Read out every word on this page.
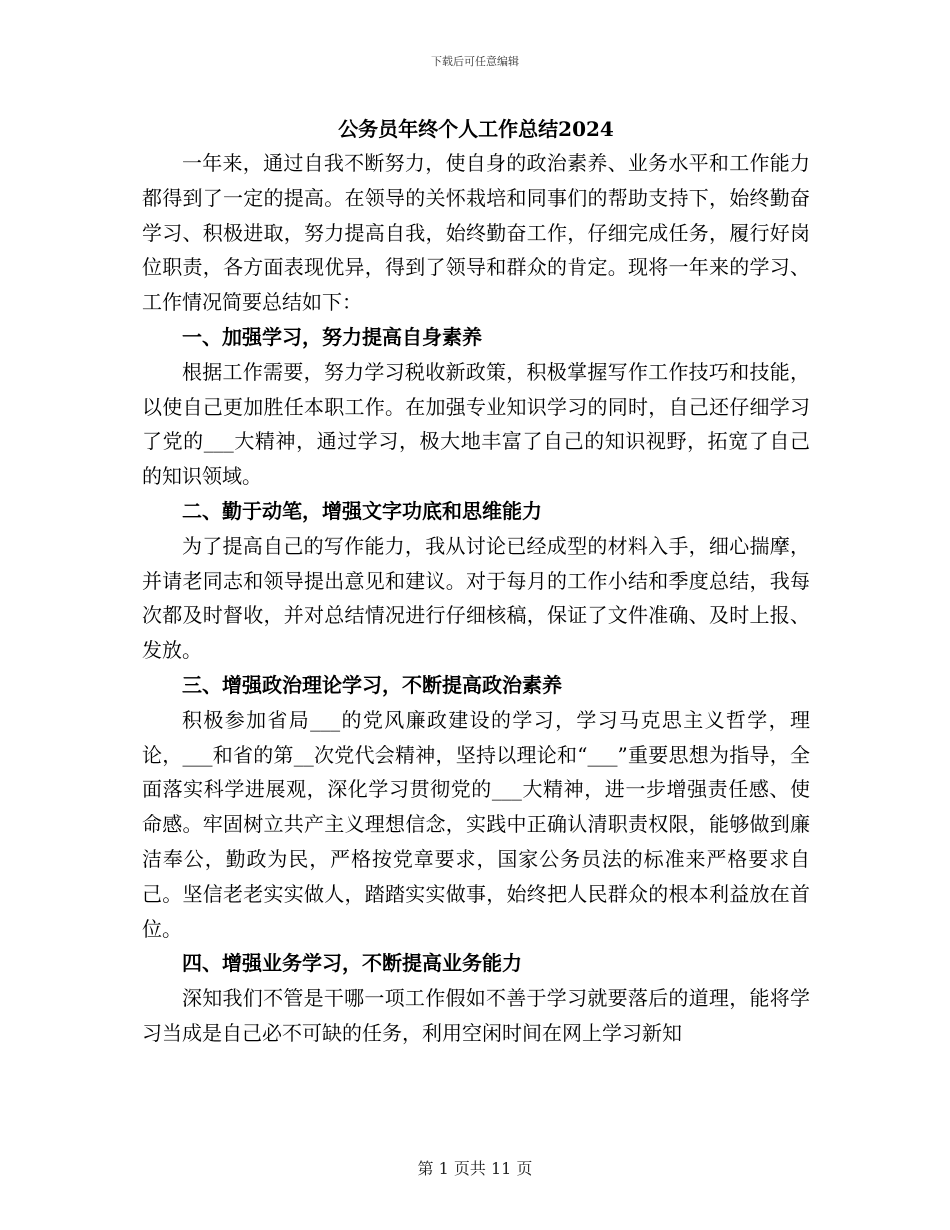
下载后可任意编辑
公务员年终个人工作总结2024

一年来，通过自我不断努力，使自身的政治素养、业务水平和工作能力都得到了一定的提高。在领导的关怀栽培和同事们的帮助支持下，始终勤奋学习、积极进取，努力提高自我，始终勤奋工作，仔细完成任务，履行好岗位职责，各方面表现优异，得到了领导和群众的肯定。现将一年来的学习、工作情况简要总结如下：

一、加强学习，努力提高自身素养

根据工作需要，努力学习税收新政策，积极掌握写作工作技巧和技能，以使自己更加胜任本职工作。在加强专业知识学习的同时，自己还仔细学习了党的___大精神，通过学习，极大地丰富了自己的知识视野，拓宽了自己的知识领域。

二、勤于动笔，增强文字功底和思维能力

为了提高自己的写作能力，我从讨论已经成型的材料入手，细心揣摩，并请老同志和领导提出意见和建议。对于每月的工作小结和季度总结，我每次都及时督收，并对总结情况进行仔细核稿，保证了文件准确、及时上报、发放。

三、增强政治理论学习，不断提高政治素养

积极参加省局___的党风廉政建设的学习，学习马克思主义哲学，理论，___和省的第__次党代会精神，坚持以理论和“___”重要思想为指导，全面落实科学进展观，深化学习贯彻党的___大精神，进一步增强责任感、使命感。牢固树立共产主义理想信念，实践中正确认清职责权限，能够做到廉洁奉公，勤政为民，严格按党章要求，国家公务员法的标准来严格要求自己。坚信老老实实做人，踏踏实实做事，始终把人民群众的根本利益放在首位。

四、增强业务学习，不断提高业务能力

深知我们不管是干哪一项工作假如不善于学习就要落后的道理，能将学习当成是自己必不可缺的任务，利用空闲时间在网上学习新知

第 1 页共 11 页
